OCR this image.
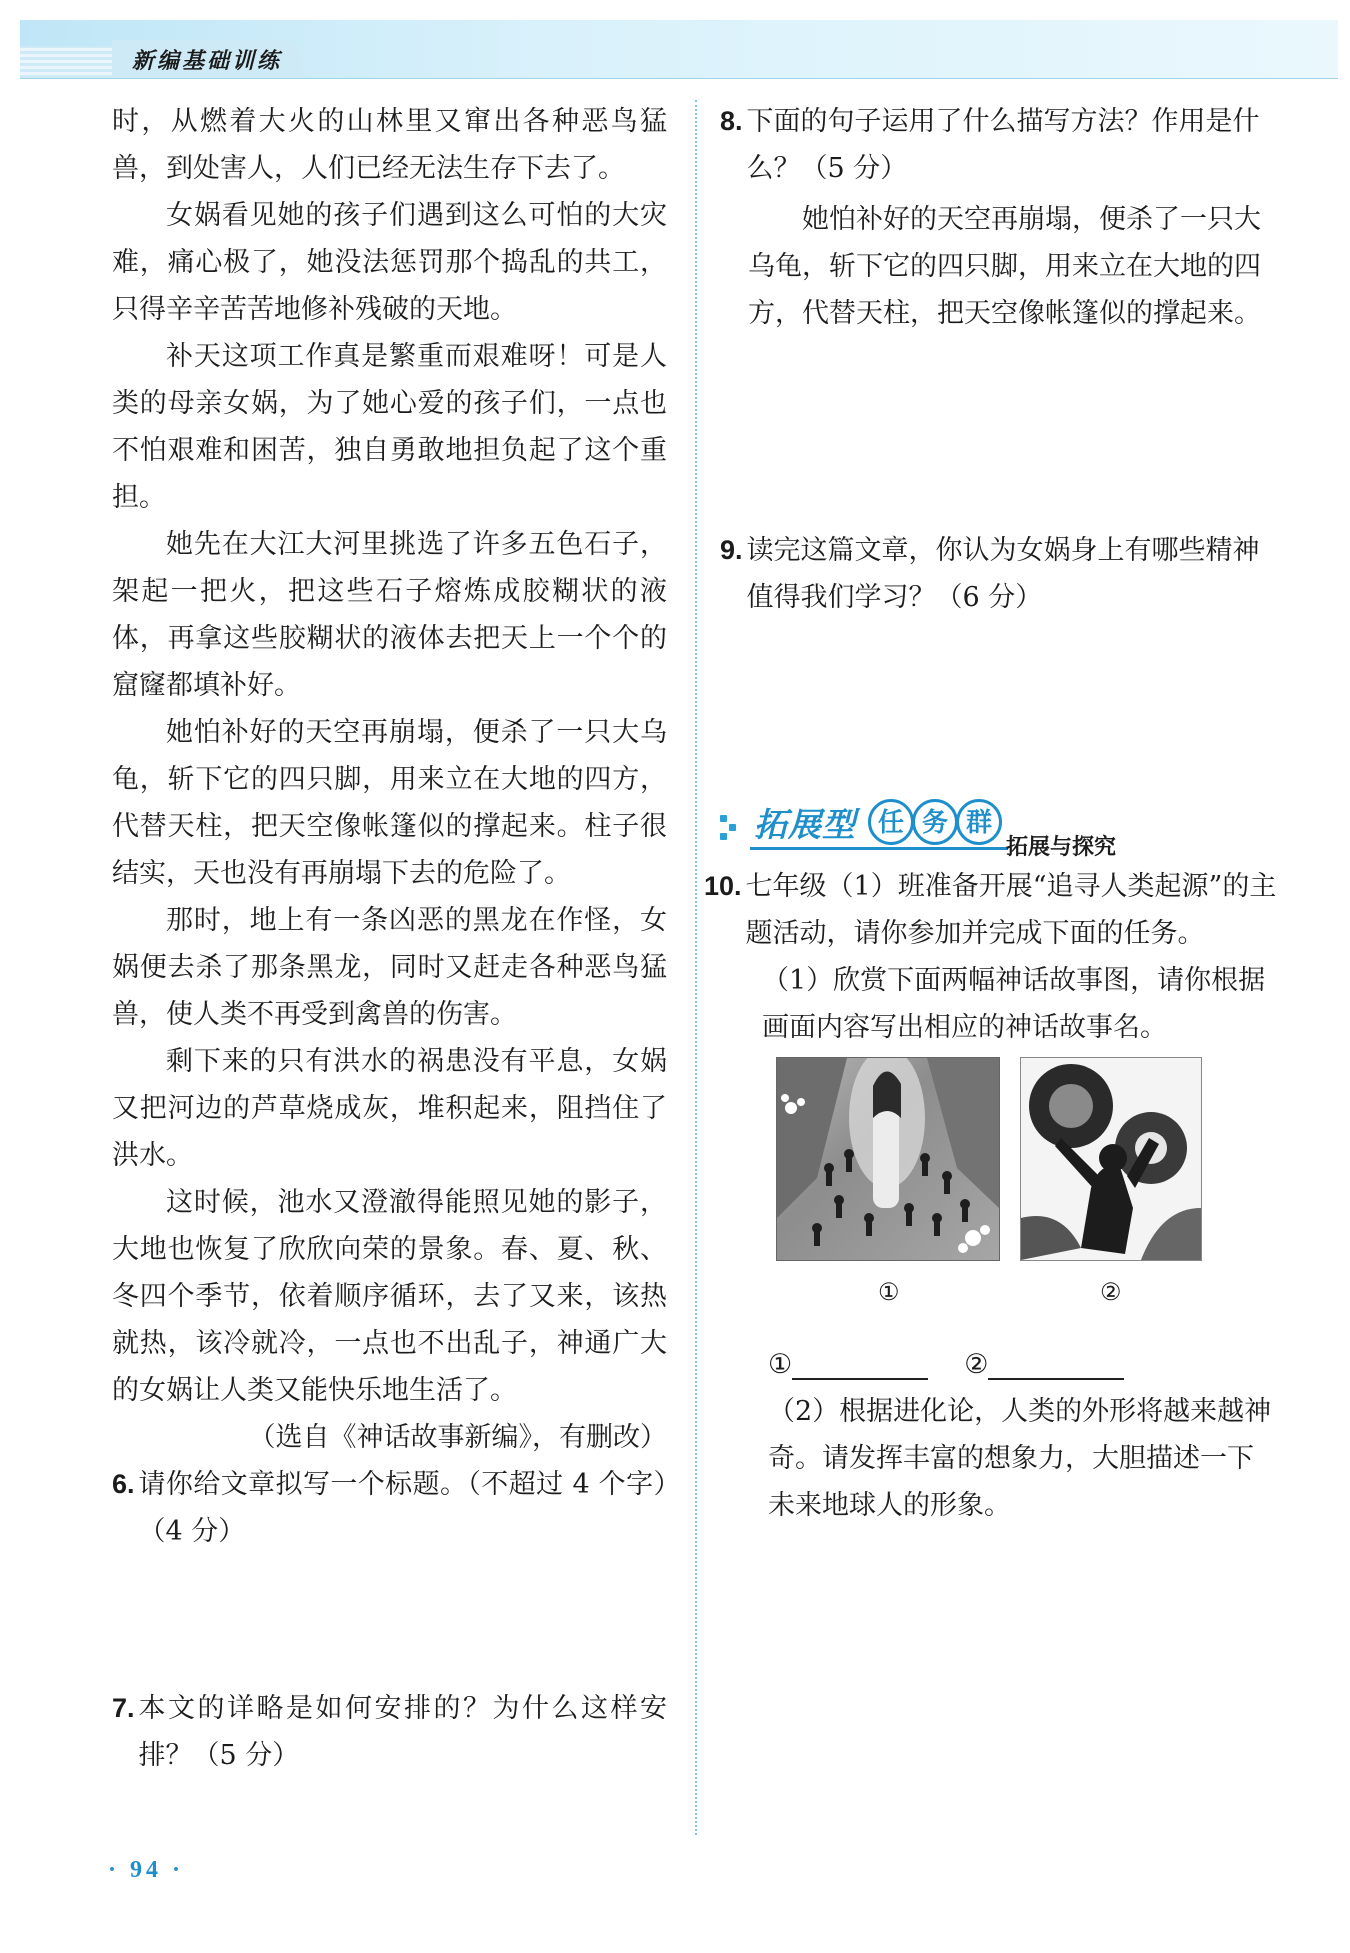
新编基础训练

时，从燃着大火的山林里又窜出各种恶鸟猛兽，到处害人，人们已经无法生存下去了。

女娲看见她的孩子们遇到这么可怕的大灾难，痛心极了，她没法惩罚那个捣乱的共工，只得辛辛苦苦地修补残破的天地。

补天这项工作真是繁重而艰难呀！可是人类的母亲女娲，为了她心爱的孩子们，一点也不怕艰难和困苦，独自勇敢地担负起了这个重担。

她先在大江大河里挑选了许多五色石子，架起一把火，把这些石子熔炼成胶糊状的液体，再拿这些胶糊状的液体去把天上一个个的窟窿都填补好。

她怕补好的天空再崩塌，便杀了一只大乌龟，斩下它的四只脚，用来立在大地的四方，代替天柱，把天空像帐篷似的撑起来。柱子很结实，天也没有再崩塌下去的危险了。

那时，地上有一条凶恶的黑龙在作怪，女娲便去杀了那条黑龙，同时又赶走各种恶鸟猛兽，使人类不再受到禽兽的伤害。

剩下来的只有洪水的祸患没有平息，女娲又把河边的芦草烧成灰，堆积起来，阻挡住了洪水。

这时候，池水又澄澈得能照见她的影子，大地也恢复了欣欣向荣的景象。春、夏、秋、冬四个季节，依着顺序循环，去了又来，该热就热，该冷就冷，一点也不出乱子，神通广大的女娲让人类又能快乐地生活了。

（选自《神话故事新编》，有删改）

6. 请你给文章拟写一个标题。（不超过 4 个字）（4 分）
7. 本文的详略是如何安排的？为什么这样安排？（5 分）
8. 下面的句子运用了什么描写方法？作用是什么？（5 分）

她怕补好的天空再崩塌，便杀了一只大乌龟，斩下它的四只脚，用来立在大地的四方，代替天柱，把天空像帐篷似的撑起来。

9. 读完这篇文章，你认为女娲身上有哪些精神值得我们学习？（6 分）
拓展型 任 务 群
拓展与探究
10. 七年级（1）班准备开展“追寻人类起源”的主题活动，请你参加并完成下面的任务。

（1）欣赏下面两幅神话故事图，请你根据画面内容写出相应的神话故事名。

①	②
①	②

（2）根据进化论，人类的外形将越来越神奇。请发挥丰富的想象力，大胆描述一下未来地球人的形象。

· 94 ·
